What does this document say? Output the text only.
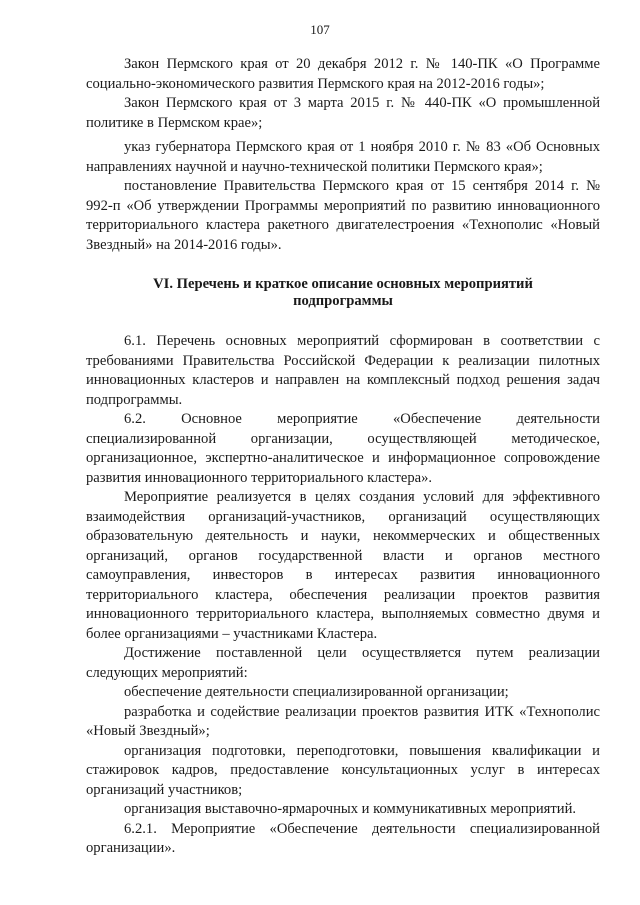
107

Закон Пермского края от 20 декабря 2012 г. № 140-ПК «О Программе социально-экономического развития Пермского края на 2012-2016 годы»;

Закон Пермского края от 3 марта 2015 г. № 440-ПК «О промышленной политике в Пермском крае»;

указ губернатора Пермского края от 1 ноября 2010 г. № 83 «Об Основных направлениях научной и научно-технической политики Пермского края»;

постановление Правительства Пермского края от 15 сентября 2014 г. № 992-п «Об утверждении Программы мероприятий по развитию инновационного территориального кластера ракетного двигателестроения «Технополис «Новый Звездный» на 2014-2016 годы».

VI. Перечень и краткое описание основных мероприятий
подпрограммы

6.1. Перечень основных мероприятий сформирован в соответствии с требованиями Правительства Российской Федерации к реализации пилотных инновационных кластеров и направлен на комплексный подход решения задач подпрограммы.

6.2. Основное мероприятие «Обеспечение деятельности специализированной организации, осуществляющей методическое, организационное, экспертно-аналитическое и информационное сопровождение развития инновационного территориального кластера».

Мероприятие реализуется в целях создания условий для эффективного взаимодействия организаций-участников, организаций осуществляющих образовательную деятельность и науки, некоммерческих и общественных организаций, органов государственной власти и органов местного самоуправления, инвесторов в интересах развития инновационного территориального кластера, обеспечения реализации проектов развития инновационного территориального кластера, выполняемых совместно двумя и более организациями – участниками Кластера.

Достижение поставленной цели осуществляется путем реализации следующих мероприятий:

обеспечение деятельности специализированной организации;

разработка и содействие реализации проектов развития ИТК «Технополис «Новый Звездный»;

организация подготовки, переподготовки, повышения квалификации и стажировок кадров, предоставление консультационных услуг в интересах организаций участников;

организация выставочно-ярмарочных и коммуникативных мероприятий.

6.2.1. Мероприятие «Обеспечение деятельности специализированной организации».
